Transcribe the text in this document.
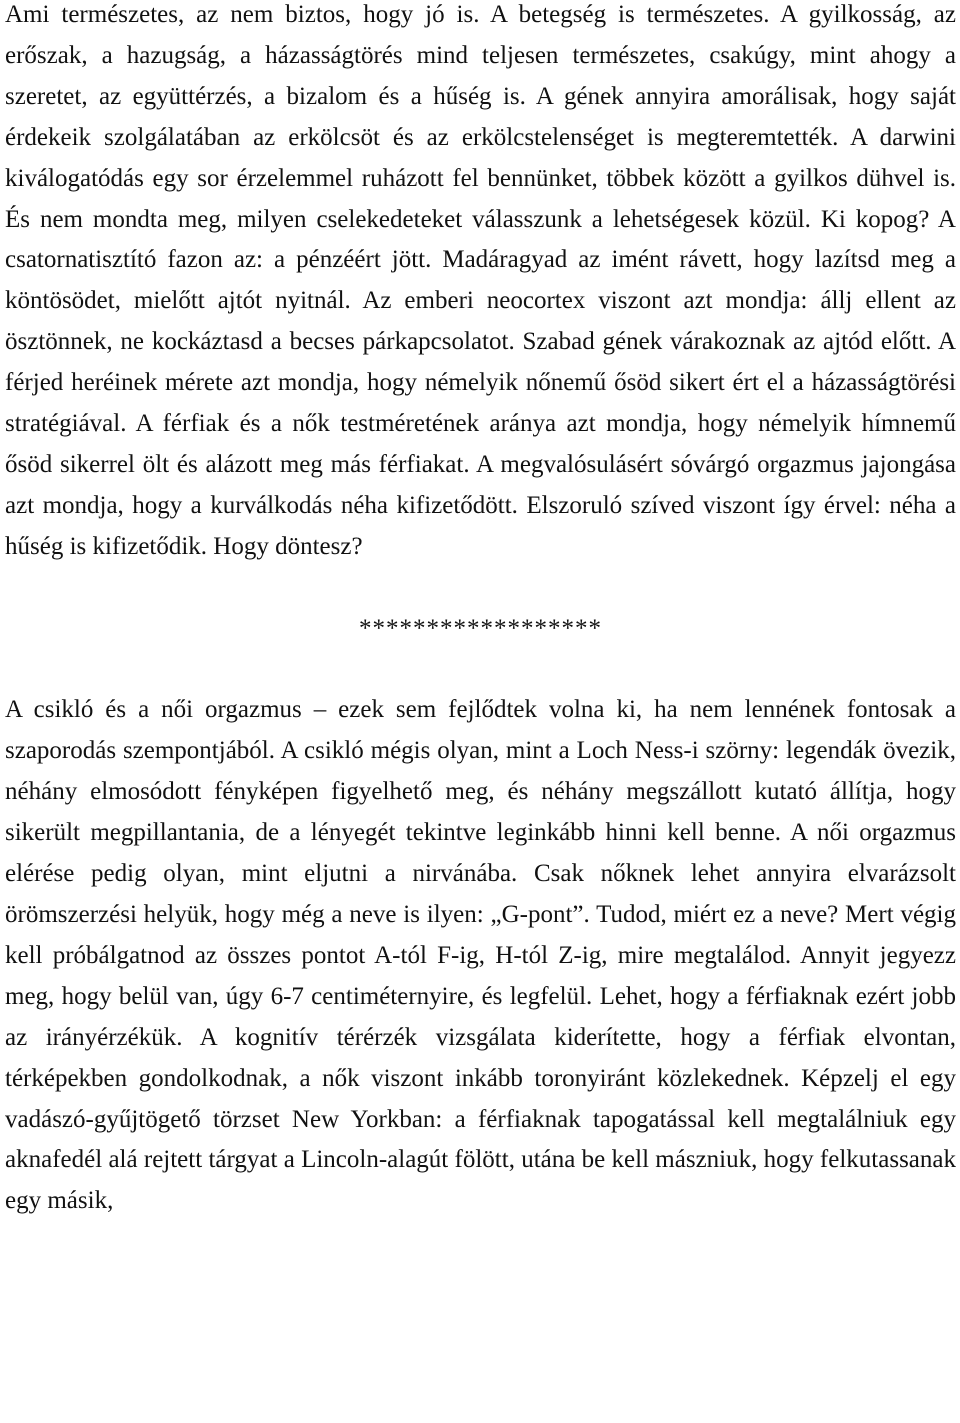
Ami természetes, az nem biztos, hogy jó is. A betegség is természetes. A gyilkosság, az erőszak, a hazugság, a házasságtörés mind teljesen természetes, csakúgy, mint ahogy a szeretet, az együttérzés, a bizalom és a hűség is. A gének annyira amorálisak, hogy saját érdekeik szolgálatában az erkölcsöt és az erkölcstelenséget is megteremtették. A darwini kiválogatódás egy sor érzelemmel ruházott fel bennünket, többek között a gyilkos dühvel is. És nem mondta meg, milyen cselekedeteket válasszunk a lehetségesek közül. Ki kopog? A csatornatisztító fazon az: a pénzéért jött. Madáragyad az imént rávett, hogy lazítsd meg a köntösödet, mielőtt ajtót nyitnál. Az emberi neocortex viszont azt mondja: állj ellent az ösztönnek, ne kockáztasd a becses párkapcsolatot. Szabad gének várakoznak az ajtód előtt. A férjed heréinek mérete azt mondja, hogy némelyik nőnemű ősöd sikert ért el a házasságtörési stratégiával. A férfiak és a nők testméretének aránya azt mondja, hogy némelyik hímnemű ősöd sikerrel ölt és alázott meg más férfiakat. A megvalósulásért sóvárgó orgazmus jajongása azt mondja, hogy a kurválkodás néha kifizetődött. Elszoruló szíved viszont így érvel: néha a hűség is kifizetődik. Hogy döntesz?

******************

A csikló és a női orgazmus – ezek sem fejlődtek volna ki, ha nem lennének fontosak a szaporodás szempontjából. A csikló mégis olyan, mint a Loch Ness-i szörny: legendák övezik, néhány elmosódott fényképen figyelhető meg, és néhány megszállott kutató állítja, hogy sikerült megpillantania, de a lényegét tekintve leginkább hinni kell benne. A női orgazmus elérése pedig olyan, mint eljutni a nirvánába. Csak nőknek lehet annyira elvarázsolt örömszerzési helyük, hogy még a neve is ilyen: „G-pont”. Tudod, miért ez a neve? Mert végig kell próbálgatnod az összes pontot A-tól F-ig, H-tól Z-ig, mire megtalálod. Annyit jegyezz meg, hogy belül van, úgy 6-7 centiméternyire, és legfelül. Lehet, hogy a férfiaknak ezért jobb az irányérzékük. A kognitív térérzék vizsgálata kiderítette, hogy a férfiak elvontan, térképekben gondolkodnak, a nők viszont inkább toronyiránt közlekednek. Képzelj el egy vadászó-gyűjtögető törzset New Yorkban: a férfiaknak tapogatással kell megtalálniuk egy aknafedél alá rejtett tárgyat a Lincoln-alagút fölött, utána be kell mászniuk, hogy felkutassanak egy másik,
